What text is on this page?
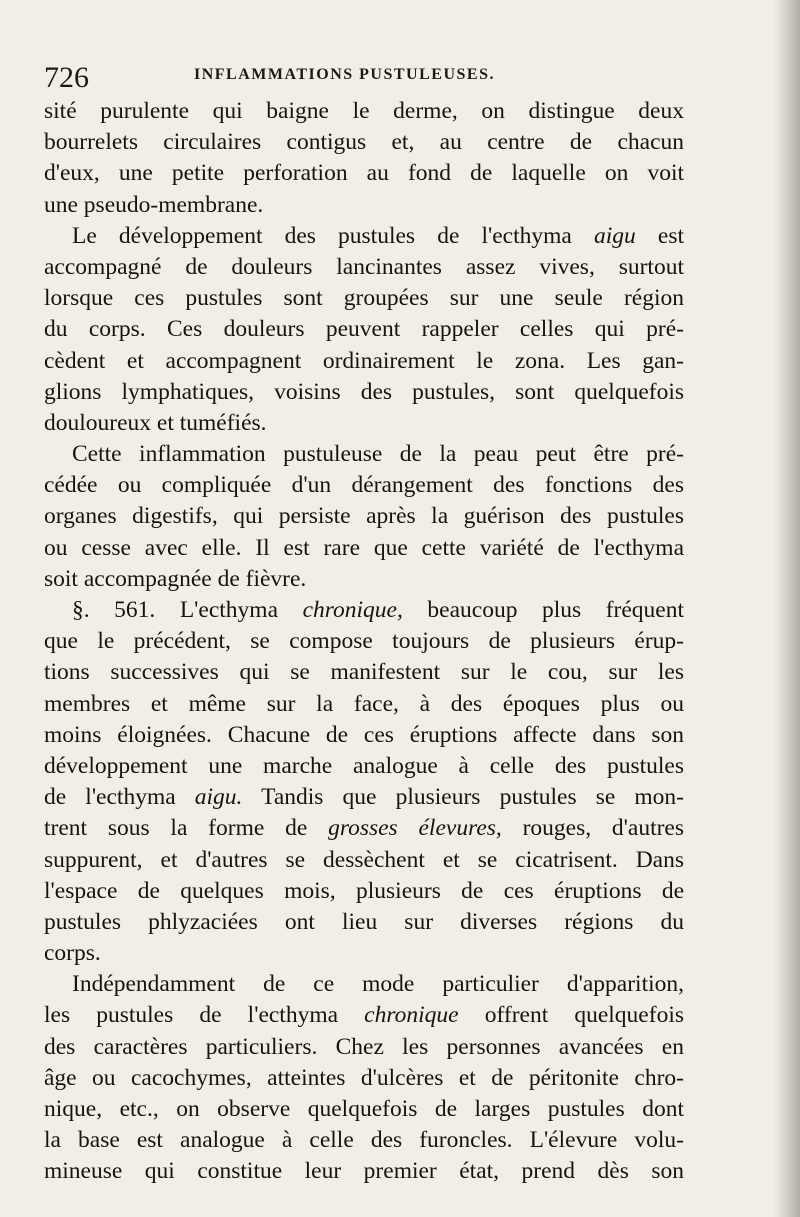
726	INFLAMMATIONS PUSTULEUSES.
sité purulente qui baigne le derme, on distingue deux
bourrelets circulaires contigus et, au centre de chacun
d'eux, une petite perforation au fond de laquelle on voit
une pseudo-membrane.
Le développement des pustules de l'ecthyma aigu est
accompagné de douleurs lancinantes assez vives, surtout
lorsque ces pustules sont groupées sur une seule région
du corps. Ces douleurs peuvent rappeler celles qui pré-
cèdent et accompagnent ordinairement le zona. Les gan-
glions lymphatiques, voisins des pustules, sont quelquefois
douloureux et tuméfiés.
Cette inflammation pustuleuse de la peau peut être pré-
cédée ou compliquée d'un dérangement des fonctions des
organes digestifs, qui persiste après la guérison des pustules
ou cesse avec elle. Il est rare que cette variété de l'ecthyma
soit accompagnée de fièvre.
§. 561. L'ecthyma chronique, beaucoup plus fréquent
que le précédent, se compose toujours de plusieurs érup-
tions successives qui se manifestent sur le cou, sur les
membres et même sur la face, à des époques plus ou
moins éloignées. Chacune de ces éruptions affecte dans son
développement une marche analogue à celle des pustules
de l'ecthyma aigu. Tandis que plusieurs pustules se mon-
trent sous la forme de grosses élevures, rouges, d'autres
suppurent, et d'autres se dessèchent et se cicatrisent. Dans
l'espace de quelques mois, plusieurs de ces éruptions de
pustules phlyzaciées ont lieu sur diverses régions du
corps.
Indépendamment de ce mode particulier d'apparition,
les pustules de l'ecthyma chronique offrent quelquefois
des caractères particuliers. Chez les personnes avancées en
âge ou cacochymes, atteintes d'ulcères et de péritonite chro-
nique, etc., on observe quelquefois de larges pustules dont
la base est analogue à celle des furoncles. L'élevure volu-
mineuse qui constitue leur premier état, prend dès son
